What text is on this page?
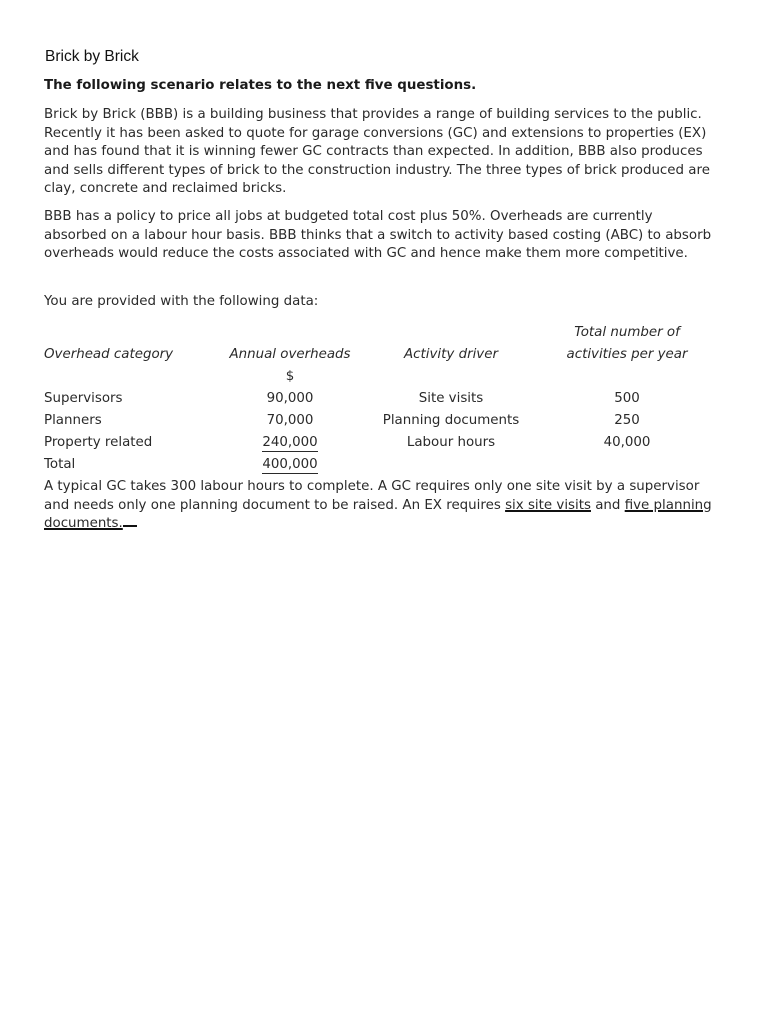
Brick by Brick

The following scenario relates to the next five questions.

Brick by Brick (BBB) is a building business that provides a range of building services to the public. Recently it has been asked to quote for garage conversions (GC) and extensions to properties (EX) and has found that it is winning fewer GC contracts than expected. In addition, BBB also produces and sells different types of brick to the construction industry. The three types of brick produced are clay, concrete and reclaimed bricks.

BBB has a policy to price all jobs at budgeted total cost plus 50%. Overheads are currently absorbed on a labour hour basis. BBB thinks that a switch to activity based costing (ABC) to absorb overheads would reduce the costs associated with GC and hence make them more competitive.

You are provided with the following data:

			Total number of
Overhead category	Annual overheads	Activity driver	activities per year
	$		
Supervisors	90,000	Site visits	500
Planners	70,000	Planning documents	250
Property related	240,000	Labour hours	40,000
Total	400,000		

A typical GC takes 300 labour hours to complete. A GC requires only one site visit by a supervisor and needs only one planning document to be raised. An EX requires six site visits and five planning documents.
